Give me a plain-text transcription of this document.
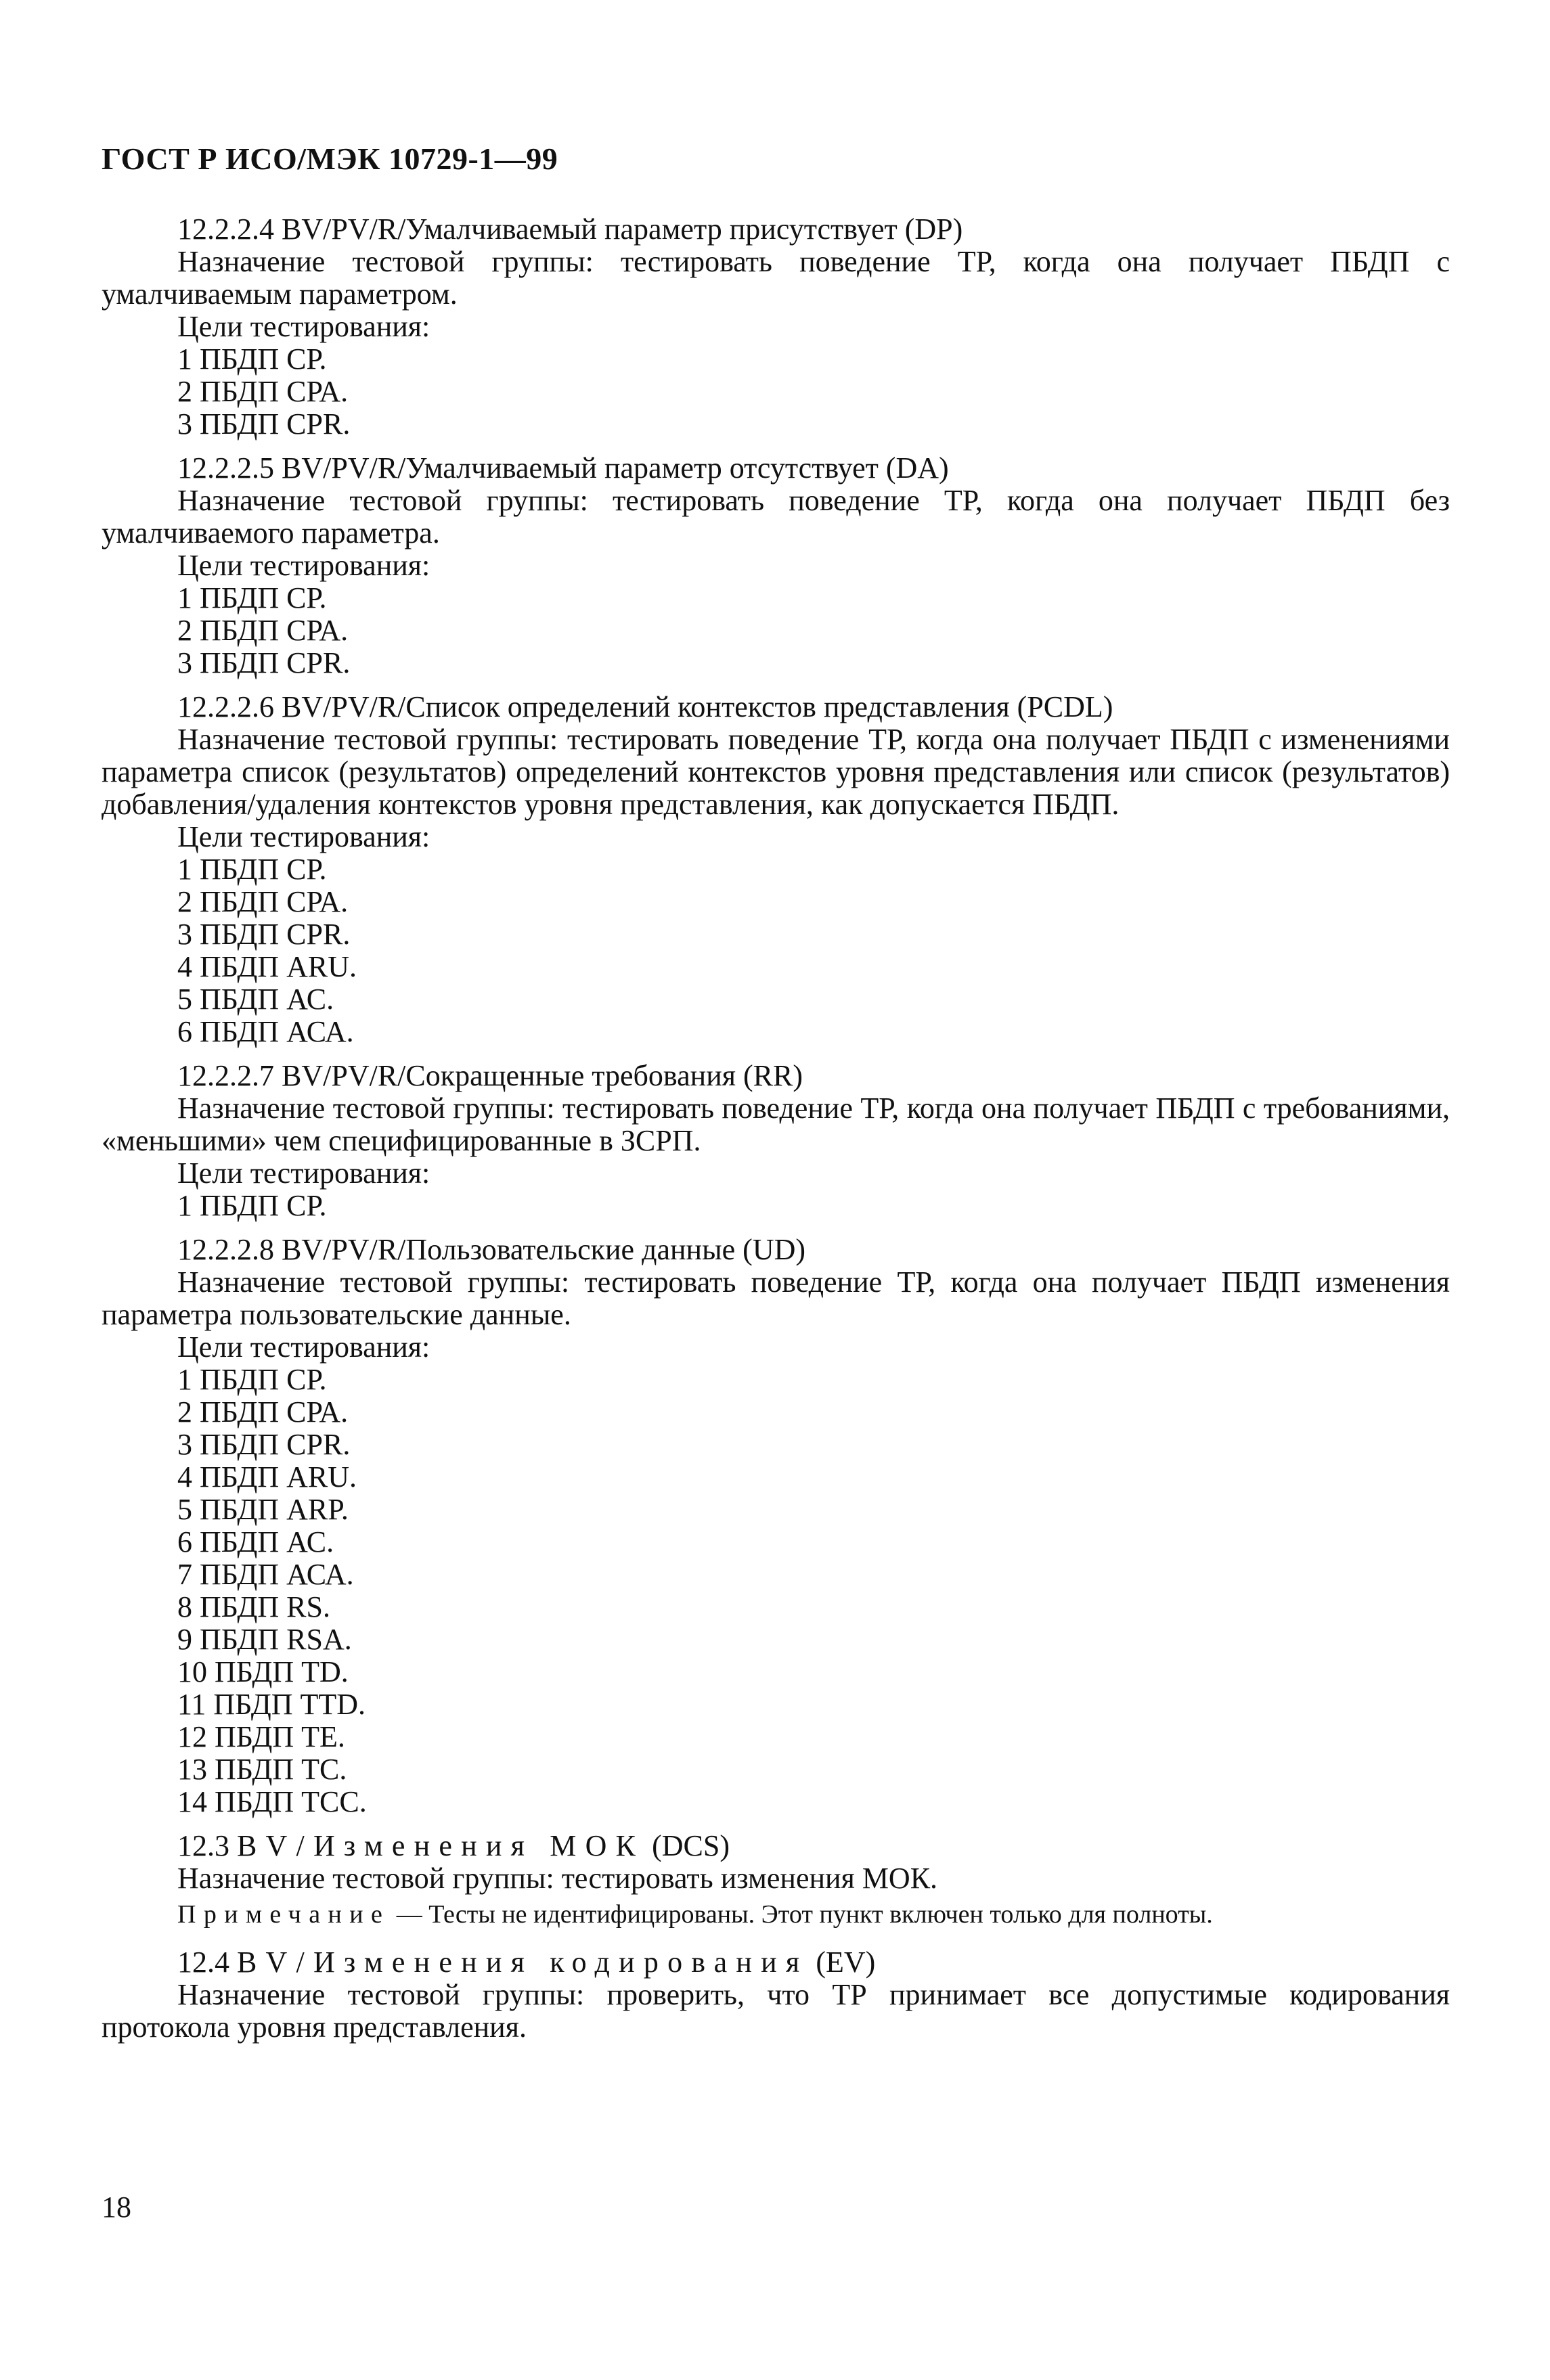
ГОСТ Р ИСО/МЭК 10729-1—99
12.2.2.4 BV/PV/R/Умалчиваемый параметр присутствует (DP)
Назначение тестовой группы: тестировать поведение ТР, когда она получает ПБДП с умалчиваемым параметром.
Цели тестирования:
1 ПБДП СР.
2 ПБДП СРА.
3 ПБДП CPR.
12.2.2.5 BV/PV/R/Умалчиваемый параметр отсутствует (DA)
Назначение тестовой группы: тестировать поведение ТР, когда она получает ПБДП без умалчиваемого параметра.
Цели тестирования:
1 ПБДП СР.
2 ПБДП СРА.
3 ПБДП CPR.
12.2.2.6 BV/PV/R/Список определений контекстов представления (PCDL)
Назначение тестовой группы: тестировать поведение ТР, когда она получает ПБДП с изменениями параметра список (результатов) определений контекстов уровня представления или список (результатов) добавления/удаления контекстов уровня представления, как допускается ПБДП.
Цели тестирования:
1 ПБДП СР.
2 ПБДП СРА.
3 ПБДП CPR.
4 ПБДП ARU.
5 ПБДП АС.
6 ПБДП АСА.
12.2.2.7 BV/PV/R/Сокращенные требования (RR)
Назначение тестовой группы: тестировать поведение ТР, когда она получает ПБДП с требованиями, «меньшими» чем специфицированные в ЗСРП.
Цели тестирования:
1 ПБДП СР.
12.2.2.8 BV/PV/R/Пользовательские данные (UD)
Назначение тестовой группы: тестировать поведение ТР, когда она получает ПБДП изменения параметра пользовательские данные.
Цели тестирования:
1 ПБДП СР.
2 ПБДП СРА.
3 ПБДП CPR.
4 ПБДП ARU.
5 ПБДП ARP.
6 ПБДП АС.
7 ПБДП АСА.
8 ПБДП RS.
9 ПБДП RSA.
10 ПБДП TD.
11 ПБДП TTD.
12 ПБДП ТЕ.
13 ПБДП ТС.
14 ПБДП ТСС.
12.3 BV/Изменения МОК (DCS)
Назначение тестовой группы: тестировать изменения МОК.
Примечание — Тесты не идентифицированы. Этот пункт включен только для полноты.
12.4 BV/Изменения кодирования (EV)
Назначение тестовой группы: проверить, что ТР принимает все допустимые кодирования протокола уровня представления.
18
